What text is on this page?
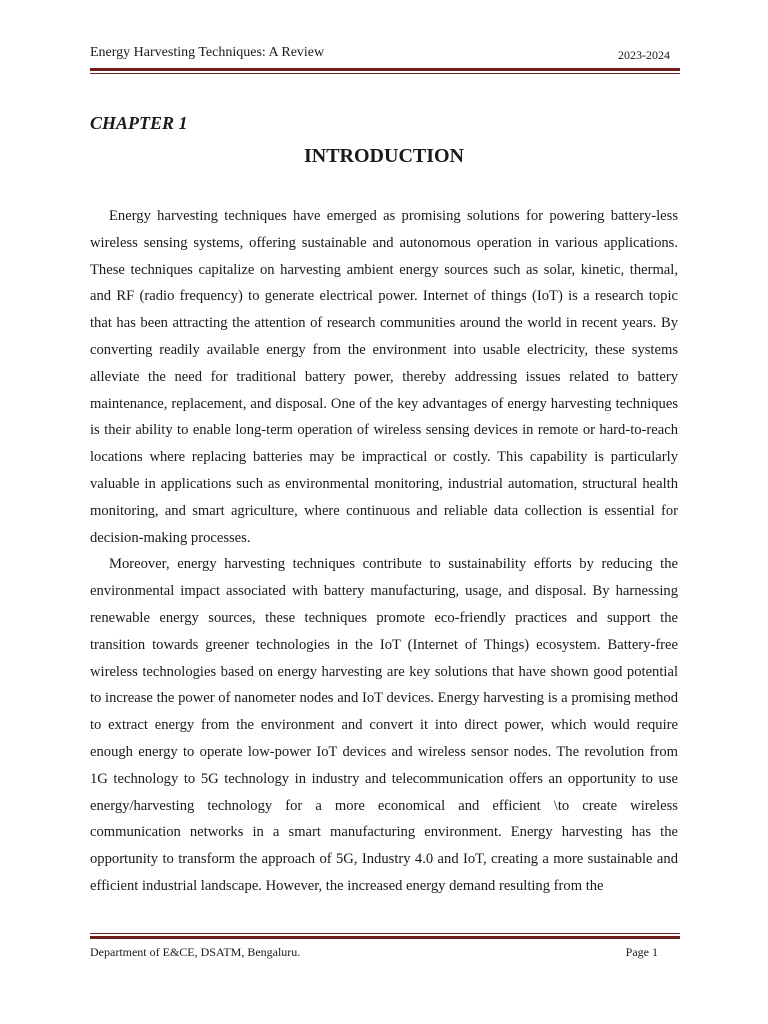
Energy Harvesting Techniques: A Review	2023-2024
CHAPTER 1
INTRODUCTION

Energy harvesting techniques have emerged as promising solutions for powering battery-less wireless sensing systems, offering sustainable and autonomous operation in various applications. These techniques capitalize on harvesting ambient energy sources such as solar, kinetic, thermal, and RF (radio frequency) to generate electrical power. Internet of things (IoT) is a research topic that has been attracting the attention of research communities around the world in recent years. By converting readily available energy from the environment into usable electricity, these systems alleviate the need for traditional battery power, thereby addressing issues related to battery maintenance, replacement, and disposal. One of the key advantages of energy harvesting techniques is their ability to enable long-term operation of wireless sensing devices in remote or hard-to-reach locations where replacing batteries may be impractical or costly. This capability is particularly valuable in applications such as environmental monitoring, industrial automation, structural health monitoring, and smart agriculture, where continuous and reliable data collection is essential for decision-making processes.

Moreover, energy harvesting techniques contribute to sustainability efforts by reducing the environmental impact associated with battery manufacturing, usage, and disposal. By harnessing renewable energy sources, these techniques promote eco-friendly practices and support the transition towards greener technologies in the IoT (Internet of Things) ecosystem. Battery-free wireless technologies based on energy harvesting are key solutions that have shown good potential to increase the power of nanometer nodes and IoT devices. Energy harvesting is a promising method to extract energy from the environment and convert it into direct power, which would require enough energy to operate low-power IoT devices and wireless sensor nodes. The revolution from 1G technology to 5G technology in industry and telecommunication offers an opportunity to use energy/harvesting technology for a more economical and efficient \to create wireless communication networks in a smart manufacturing environment. Energy harvesting has the opportunity to transform the approach of 5G, Industry 4.0 and IoT, creating a more sustainable and efficient industrial landscape. However, the increased energy demand resulting from the

Department of E&CE, DSATM, Bengaluru.	Page 1
